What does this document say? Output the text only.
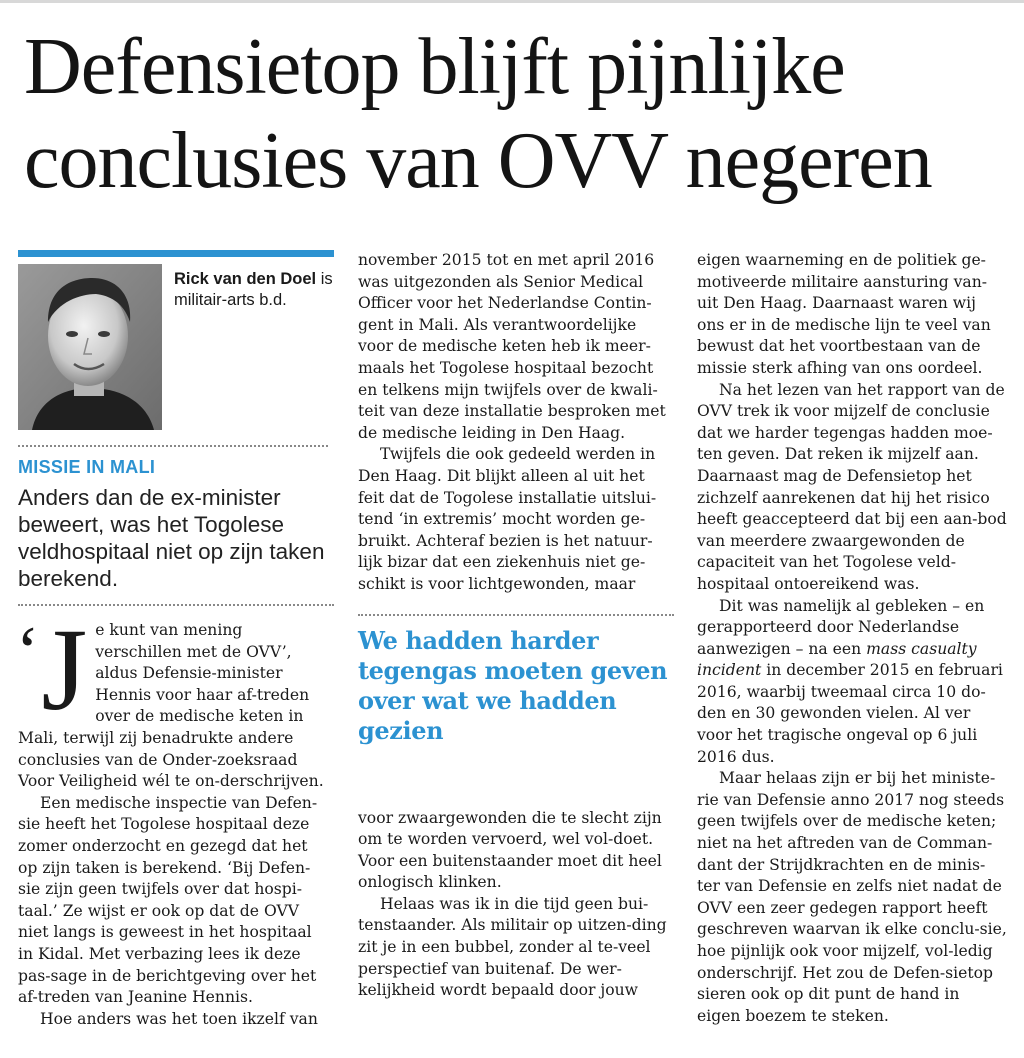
Defensietop blijft pijnlijke conclusies van OVV negeren
Rick van den Doel is militair-arts b.d.
MISSIE IN MALI
Anders dan de ex-minister beweert, was het Togolese veldhospitaal niet op zijn taken berekend.
‘J e kunt van mening verschillen met de OVV’, aldus Defensie-minister Hennis voor haar af-treden over de medische keten in Mali, terwijl zij benadrukte andere conclusies van de Onder-zoeksraad Voor Veiligheid wél te on-derschrijven.

Een medische inspectie van Defen-sie heeft het Togolese hospitaal deze zomer onderzocht en gezegd dat het op zijn taken is berekend. ‘Bij Defen-sie zijn geen twijfels over dat hospi-taal.’ Ze wijst er ook op dat de OVV niet langs is geweest in het hospitaal in Kidal. Met verbazing lees ik deze pas-sage in de berichtgeving over het af-treden van Jeanine Hennis.

Hoe anders was het toen ikzelf van

november 2015 tot en met april 2016 was uitgezonden als Senior Medical Officer voor het Nederlandse Contin-gent in Mali. Als verantwoordelijke voor de medische keten heb ik meer-maals het Togolese hospitaal bezocht en telkens mijn twijfels over de kwali-teit van deze installatie besproken met de medische leiding in Den Haag.

Twijfels die ook gedeeld werden in Den Haag. Dit blijkt alleen al uit het feit dat de Togolese installatie uitslui-tend ‘in extremis’ mocht worden ge-bruikt. Achteraf bezien is het natuur-lijk bizar dat een ziekenhuis niet ge-schikt is voor lichtgewonden, maar

We hadden harder tegengas moeten geven over wat we hadden gezien

voor zwaargewonden die te slecht zijn om te worden vervoerd, wel vol-doet. Voor een buitenstaander moet dit heel onlogisch klinken.

Helaas was ik in die tijd geen bui-tenstaander. Als militair op uitzen-ding zit je in een bubbel, zonder al te-veel perspectief van buitenaf. De wer-kelijkheid wordt bepaald door jouw

eigen waarneming en de politiek ge-motiveerde militaire aansturing van-uit Den Haag. Daarnaast waren wij ons er in de medische lijn te veel van bewust dat het voortbestaan van de missie sterk afhing van ons oordeel.

Na het lezen van het rapport van de OVV trek ik voor mijzelf de conclusie dat we harder tegengas hadden moe-ten geven. Dat reken ik mijzelf aan. Daarnaast mag de Defensietop het zichzelf aanrekenen dat hij het risico heeft geaccepteerd dat bij een aan-bod van meerdere zwaargewonden de capaciteit van het Togolese veld-hospitaal ontoereikend was.

Dit was namelijk al gebleken – en gerapporteerd door Nederlandse aanwezigen – na een mass casualty incident in december 2015 en februari 2016, waarbij tweemaal circa 10 do-den en 30 gewonden vielen. Al ver voor het tragische ongeval op 6 juli 2016 dus.

Maar helaas zijn er bij het ministe-rie van Defensie anno 2017 nog steeds geen twijfels over de medische keten; niet na het aftreden van de Comman-dant der Strijdkrachten en de minis-ter van Defensie en zelfs niet nadat de OVV een zeer gedegen rapport heeft geschreven waarvan ik elke conclu-sie, hoe pijnlijk ook voor mijzelf, vol-ledig onderschrijf. Het zou de Defen-sietop sieren ook op dit punt de hand in eigen boezem te steken.
